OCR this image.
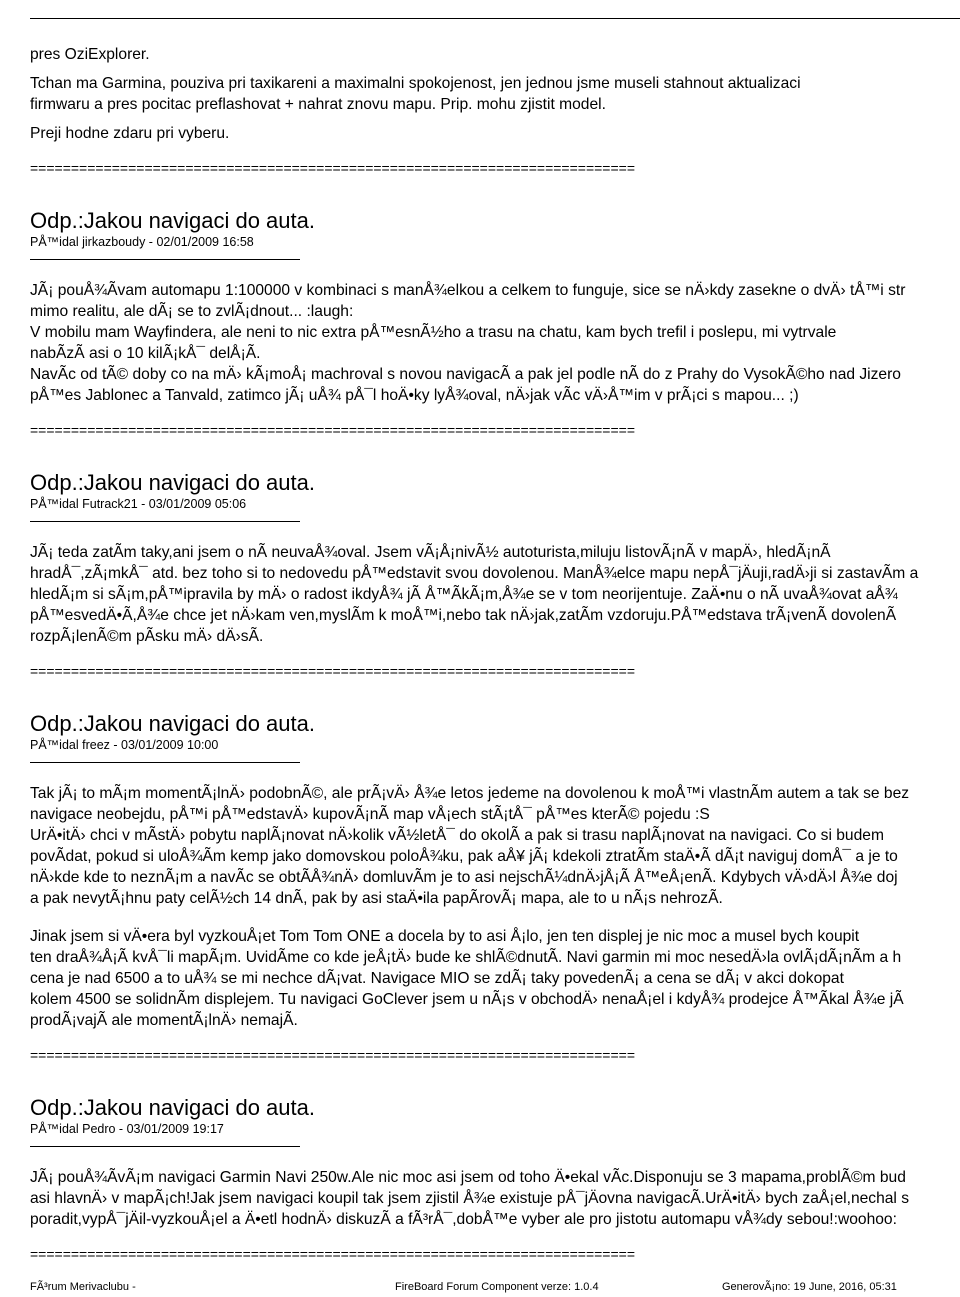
pres OziExplorer.
Tchan ma Garmina, pouziva pri taxikareni a maximalni spokojenost, jen jednou jsme museli stahnout aktualizaci
firmwaru a pres pocitac preflashovat + nahrat znovu mapu. Prip. mohu zjistit model.
Preji hodne zdaru pri vyberu.
==========================================================================
Odp.:Jakou navigaci do auta.
PÅ™idal jirkazboudy - 02/01/2009 16:58
JÃ¡ pouÅ¾Ãvam automapu 1:100000 v kombinaci s manÅ¾elkou a celkem to funguje, sice se nÄ›kdy zasekne o dvÄ› tÅ™i str
mimo realitu, ale dÃ¡ se to zvlÃ¡dnout... :laugh:
V mobilu mam Wayfindera, ale neni to nic extra pÅ™esnÃ½ho a trasu na chatu, kam bych trefil i poslepu, mi vytrvale
nabÃzÃ asi o 10 kilÃ¡kÅ¯ delÅ¡Ã.
NavÃc od tÃ© doby co na mÄ› kÃ¡moÅ¡ machroval s novou navigacÃ a pak jel podle nÃ do z Prahy do VysokÃ©ho nad Jizero
pÅ™es Jablonec a Tanvald, zatimco jÃ¡ uÅ¾ pÅ¯l hoÄ•ky lyÅ¾oval, nÄ›jak vÃc vÄ›Å™im v prÃ¡ci s mapou... ;)
==========================================================================
Odp.:Jakou navigaci do auta.
PÅ™idal Futrack21 - 03/01/2009 05:06
JÃ¡ teda zatÃm taky,ani jsem o nÃ neuvaÅ¾oval. Jsem vÃ¡Å¡nivÃ½ autoturista,miluju listovÃ¡nÃ v mapÄ›, hledÃ¡nÃ
hradÅ¯,zÃ¡mkÅ¯ atd. bez toho si to nedovedu pÅ™edstavit svou dovolenou. ManÅ¾elce mapu nepÅ¯jÄuji,radÄ›ji si zastavÃm a
hledÃ¡m si sÃ¡m,pÅ™ipravila by mÄ› o radost ikdyÅ¾ jÃ Å™ÃkÃ¡m,Å¾e se v tom neorijentuje. ZaÄ•nu o nÃ uvaÅ¾ovat aÅ¾
pÅ™esvedÄ•Ã,Å¾e chce jet nÄ›kam ven,myslÃm k moÅ™i,nebo tak nÄ›jak,zatÃm vzdoruju.PÅ™edstava trÃ¡venÃ dovolenÃ
rozpÃ¡lenÃ©m pÃsku mÄ› dÄ›sÃ.
==========================================================================
Odp.:Jakou navigaci do auta.
PÅ™idal freez - 03/01/2009 10:00
Tak jÃ¡ to mÃ¡m momentÃ¡lnÄ› podobnÃ©, ale prÃ¡vÄ› Å¾e letos jedeme na dovolenou k moÅ™i vlastnÃm autem a tak se bez
navigace neobejdu, pÅ™i pÅ™edstavÄ› kupovÃ¡nÃ map vÅ¡ech stÃ¡tÅ¯ pÅ™es kterÃ© pojedu :S
UrÄ•itÄ› chci v mÃstÄ› pobytu naplÃ¡novat nÄ›kolik vÃ½letÅ¯ do okolÃ a pak si trasu naplÃ¡novat na navigaci. Co si budem
povÃdat, pokud si uloÅ¾Ãm kemp jako domovskou poloÅ¾ku, pak aÅ¥ jÃ¡ kdekoli ztratÃm staÄ•Ã dÃ¡t naviguj domÅ¯ a je to
nÄ›kde kde to neznÃ¡m a navÃc se obtÃÅ¾nÄ› domluvÃm je to asi nejschÃ¼dnÄ›jÅ¡Ã Å™eÅ¡enÃ. Kdybych vÄ›dÄ›l Å¾e doj
a pak nevytÃ¡hnu paty celÃ½ch 14 dnÃ, pak by asi staÄ•ila papÃrovÃ¡ mapa, ale to u nÃ¡s nehrozÃ.
Jinak jsem si vÄ•era byl vyzkouÅ¡et Tom Tom ONE a docela by to asi Å¡lo, jen ten displej je nic moc a musel bych koupit
ten draÅ¾Å¡Ã kvÅ¯li mapÃ¡m. UvidÃme co kde jeÅ¡tÄ› bude ke shlÃ©dnutÃ. Navi garmin mi moc nesedÄ›la ovlÃ¡dÃ¡nÃm a h
cena je nad 6500 a to uÅ¾ se mi nechce dÃ¡vat. Navigace MIO se zdÃ¡ taky povedenÃ¡ a cena se dÃ¡ v akci dokopat
kolem 4500 se solidnÃm displejem. Tu navigaci GoClever jsem u nÃ¡s v obchodÄ› nenaÅ¡el i kdyÅ¾ prodejce Å™Ãkal Å¾e jÃ
prodÃ¡vajÃ ale momentÃ¡lnÄ› nemajÃ.
==========================================================================
Odp.:Jakou navigaci do auta.
PÅ™idal Pedro - 03/01/2009 19:17
JÃ¡ pouÅ¾ÃvÃ¡m navigaci Garmin Navi 250w.Ale nic moc asi jsem od toho Ä•ekal vÃc.Disponuju se 3 mapama,problÃ©m bud
asi hlavnÄ› v mapÃ¡ch!Jak jsem navigaci koupil tak jsem zjistil Å¾e existuje pÅ¯jÄovna navigacÃ.UrÄ•itÄ› bych zaÅ¡el,nechal s
poradit,vypÅ¯jÄil-vyzkouÅ¡el a Ä•etl hodnÄ› diskuzÃ a fÃ³rÅ¯,dobÅ™e vyber ale pro jistotu automapu vÅ¾dy sebou!:woohoo:
==========================================================================
FÃ³rum Merivaclubu -	FireBoard Forum Component verze: 1.0.4	GenerovÃ¡no: 19 June, 2016, 05:31
